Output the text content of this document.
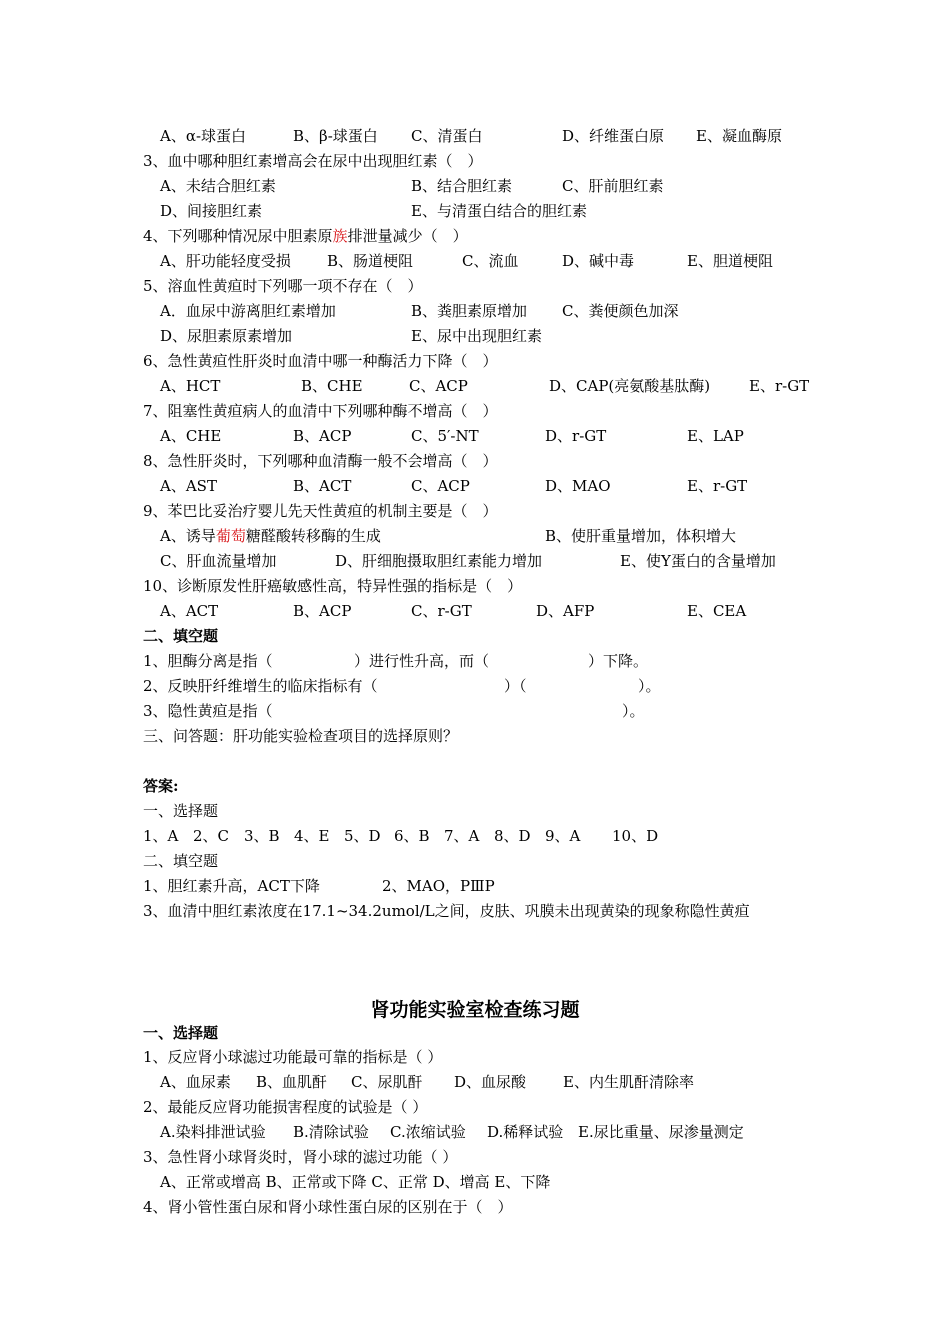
A、α-球蛋白	B、β-球蛋白 C、清蛋白	D、纤维蛋白原 E、凝血酶原
3、血中哪种胆红素增高会在尿中出现胆红素（　）
A、未结合胆红素	B、结合胆红素	C、肝前胆红素
D、间接胆红素	E、与清蛋白结合的胆红素
4、下列哪种情况尿中胆素原族排泄量减少（　）
A、肝功能轻度受损 B、肠道梗阻	C、流血	D、碱中毒	E、胆道梗阻
5、溶血性黄疸时下列哪一项不存在（　）
A．血尿中游离胆红素增加	B、粪胆素原增加 C、粪便颜色加深
D、尿胆素原素增加	E、尿中出现胆红素
6、急性黄疸性肝炎时血清中哪一种酶活力下降（　）
A、HCT	B、CHE	C、ACP	D、CAP(亮氨酸基肽酶)	E、r-GT
7、阻塞性黄疸病人的血清中下列哪种酶不增高（　）
A、CHE	B、ACP	C、5′-NT	D、r-GT	E、LAP
8、急性肝炎时，下列哪种血清酶一般不会增高（　）
A、AST	B、ACT	C、ACP	D、MAO	E、r-GT
9、苯巴比妥治疗婴儿先天性黄疸的机制主要是（　）
A、诱导葡萄糖醛酸转移酶的生成	B、使肝重量增加，体积增大
C、肝血流量增加	D、肝细胞摄取胆红素能力增加	E、使Y蛋白的含量增加
10、诊断原发性肝癌敏感性高，特异性强的指标是（　）
A、ACT	B、ACP	C、r-GT	D、AFP	E、CEA
二、填空题
1、胆酶分离是指（	）进行性升高，而（	）下降。
2、反映肝纤维增生的临床指标有（	）（	）。
3、隐性黄疸是指（	）。
三、问答题：肝功能实验检查项目的选择原则？
答案:
一、选择题
1、A 2、C 3、B 4、E 5、D 6、B 7、A 8、D 9、A 10、D
二、填空题
1、胆红素升高，ACT下降	2、MAO，PⅢP
3、血清中胆红素浓度在17.1~34.2umol/L之间，皮肤、巩膜未出现黄染的现象称隐性黄疸
肾功能实验室检查练习题
一、选择题
1、反应肾小球滤过功能最可靠的指标是（ ）
A、血尿素 B、血肌酐 C、尿肌酐 D、血尿酸 E、内生肌酐清除率
2、最能反应肾功能损害程度的试验是（ ）
A.染料排泄试验 B.清除试验 C.浓缩试验 D.稀释试验 E.尿比重量、尿渗量测定
3、急性肾小球肾炎时，肾小球的滤过功能（ ）
A、正常或增高 B、正常或下降 C、正常 D、增高 E、下降
4、肾小管性蛋白尿和肾小球性蛋白尿的区别在于（　）
